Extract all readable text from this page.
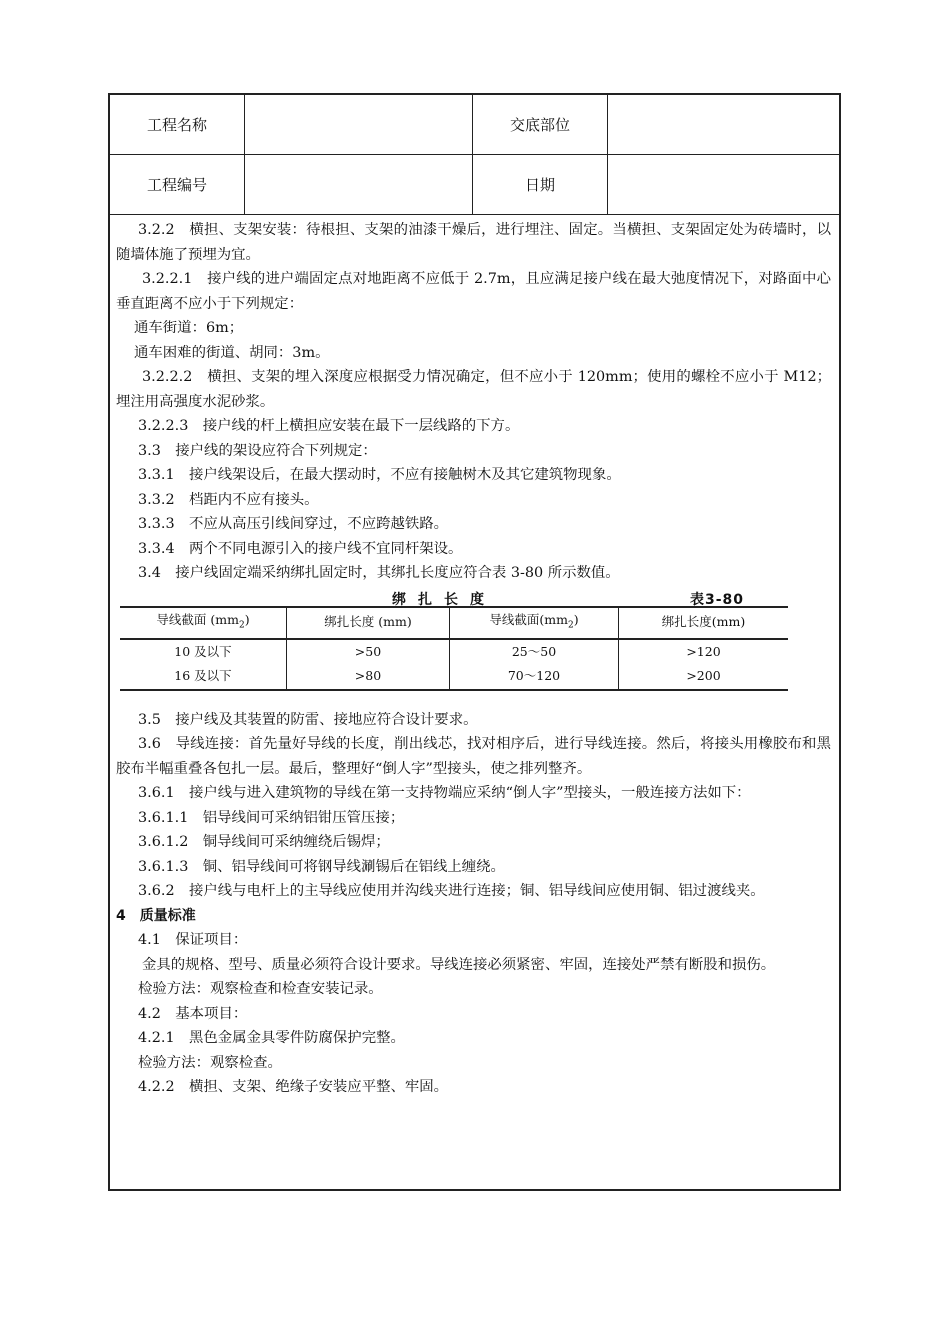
工程名称	交底部位
工程编号	日期

3.2.2　横担、支架安装：待根担、支架的油漆干燥后，进行埋注、固定。当横担、支架固定处为砖墙时，以随墙体施了预埋为宜。

3.2.2.1　接户线的进户端固定点对地距离不应低于 2.7m，且应满足接户线在最大弛度情况下，对路面中心垂直距离不应小于下列规定：

通车街道：6m；

通车困难的街道、胡同：3m。

3.2.2.2　横担、支架的埋入深度应根据受力情况确定，但不应小于 120mm；使用的螺栓不应小于 M12；埋注用高强度水泥砂浆。

3.2.2.3　接户线的杆上横担应安装在最下一层线路的下方。

3.3　接户线的架设应符合下列规定：

3.3.1　接户线架设后，在最大摆动时，不应有接触树木及其它建筑物现象。

3.3.2　档距内不应有接头。

3.3.3　不应从高压引线间穿过，不应跨越铁路。

3.3.4　两个不同电源引入的接户线不宜同杆架设。

3.4　接户线固定端采纳绑扎固定时，其绑扎长度应符合表 3-80 所示数值。

绑扎长度	表3-80
导线截面 $(mm_2)$	绑扎长度 (mm)	导线截面$(mm_2)$	绑扎长度(mm)
10 及以下	>50	25～50	>120
16 及以下	>80	70～120	>200

3.5　接户线及其装置的防雷、接地应符合设计要求。

3.6　导线连接：首先量好导线的长度，削出线芯，找对相序后，进行导线连接。然后，将接头用橡胶布和黑胶布半幅重叠各包扎一层。最后，整理好“倒人字”型接头，使之排列整齐。

3.6.1　接户线与进入建筑物的导线在第一支持物端应采纳“倒人字”型接头，一般连接方法如下：

3.6.1.1　铝导线间可采纳铝钳压管压接；

3.6.1.2　铜导线间可采纳缠绕后锡焊；

3.6.1.3　铜、铝导线间可将钢导线涮锡后在铝线上缠绕。

3.6.2　接户线与电杆上的主导线应使用并沟线夹进行连接；铜、铝导线间应使用铜、铝过渡线夹。

4　质量标准

4.1　保证项目：

金具的规格、型号、质量必须符合设计要求。导线连接必须紧密、牢固，连接处严禁有断股和损伤。

检验方法：观察检查和检查安装记录。

4.2　基本项目：

4.2.1　黑色金属金具零件防腐保护完整。

检验方法：观察检查。

4.2.2　横担、支架、绝缘子安装应平整、牢固。
